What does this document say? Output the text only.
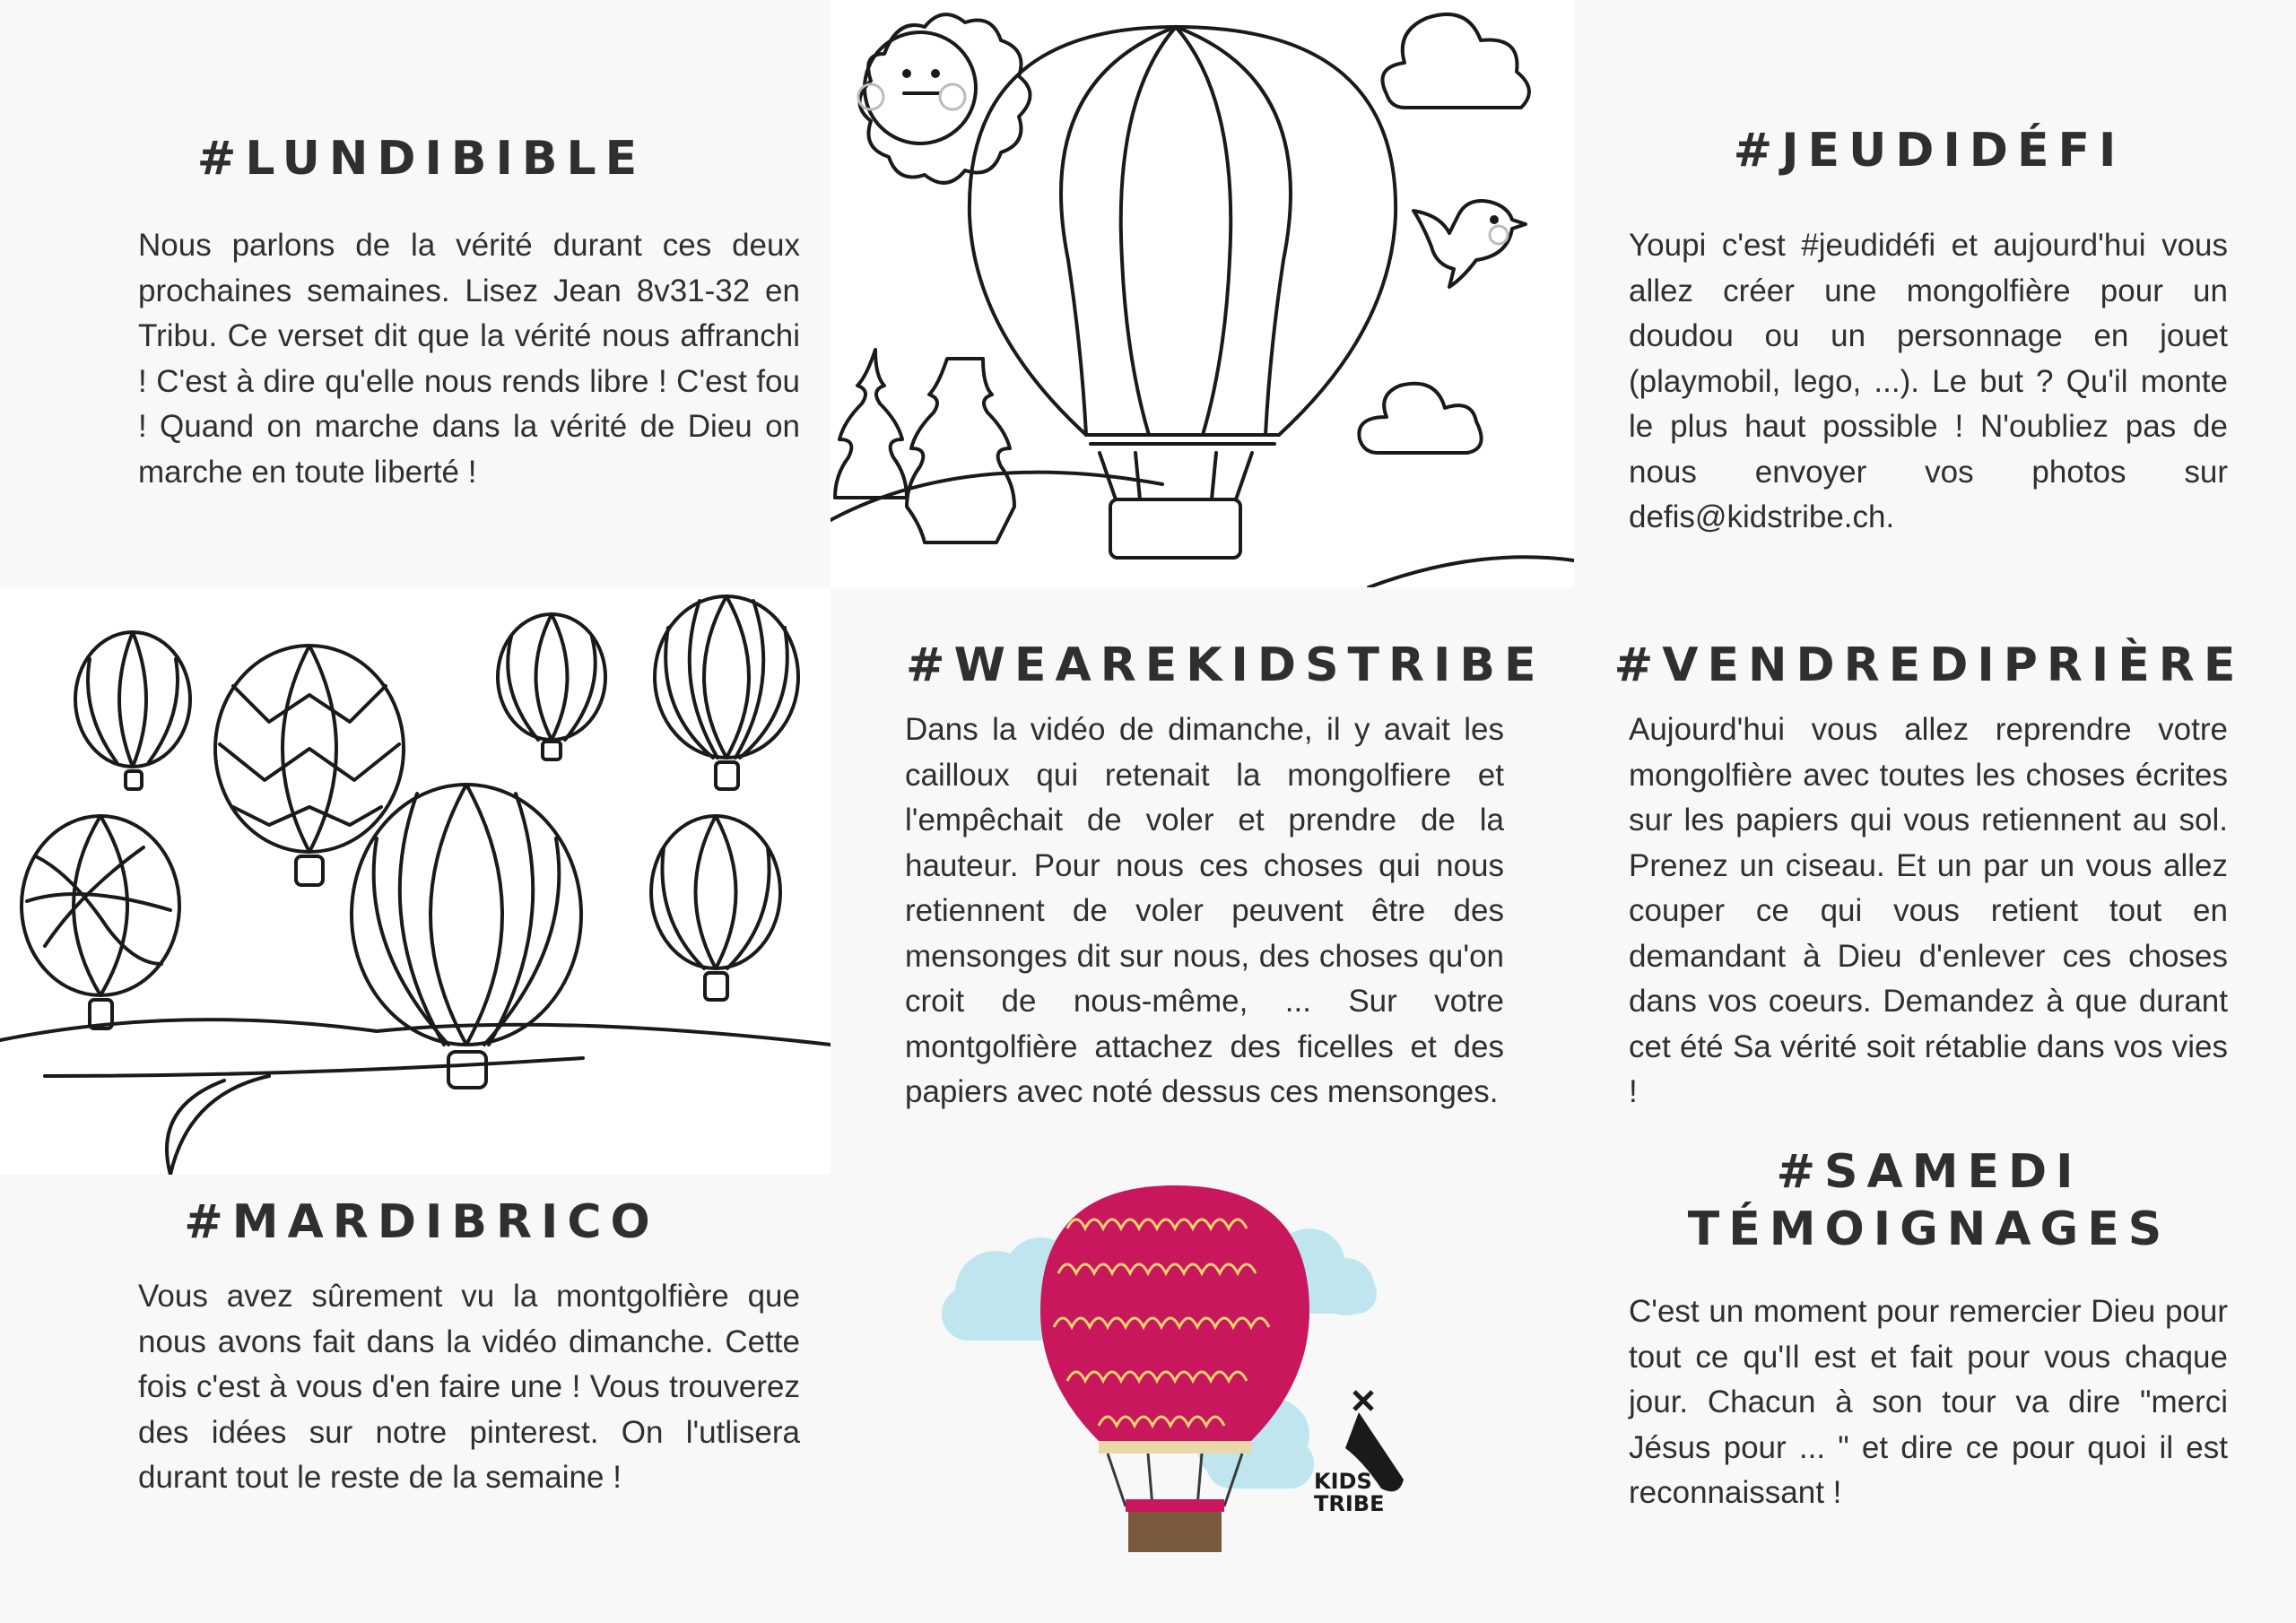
#LUNDIBIBLE

Nous parlons de la vérité durant ces deux prochaines semaines. Lisez Jean 8v31-32 en Tribu. Ce verset dit que la vérité nous affranchi ! C'est à dire qu'elle nous rends libre ! C'est fou ! Quand on marche dans la vérité de Dieu on marche en toute liberté !

#JEUDIDÉFI

Youpi c'est #jeudidéfi et aujourd'hui vous allez créer une mongolfière pour un doudou ou un personnage en jouet (playmobil, lego, ...). Le but ? Qu'il monte le plus haut possible ! N'oubliez pas de nous envoyer vos photos sur defis@kidstribe.ch.

#WEAREKIDSTRIBE

Dans la vidéo de dimanche, il y avait les cailloux qui retenait la mongolfiere et l'empêchait de voler et prendre de la hauteur. Pour nous ces choses qui nous retiennent de voler peuvent être des mensonges dit sur nous, des choses qu'on croit de nous-même, ... Sur votre montgolfière attachez des ficelles et des papiers avec noté dessus ces mensonges.

#VENDREDIPRIÈRE

Aujourd'hui vous allez reprendre votre mongolfière avec toutes les choses écrites sur les papiers qui vous retiennent au sol. Prenez un ciseau. Et un par un vous allez couper ce qui vous retient tout en demandant à Dieu d'enlever ces choses dans vos coeurs. Demandez à que durant cet été Sa vérité soit rétablie dans vos vies !

#MARDIBRICO

Vous avez sûrement vu la montgolfière que nous avons fait dans la vidéo dimanche. Cette fois c'est à vous d'en faire une ! Vous trouverez des idées sur notre pinterest. On l'utlisera durant tout le reste de la semaine !	KIDS
TRIBE
#SAMEDI
TÉMOIGNAGES

C'est un moment pour remercier Dieu pour tout ce qu'Il est et fait pour vous chaque jour. Chacun à son tour va dire "merci Jésus pour ... " et dire ce pour quoi il est reconnaissant !
